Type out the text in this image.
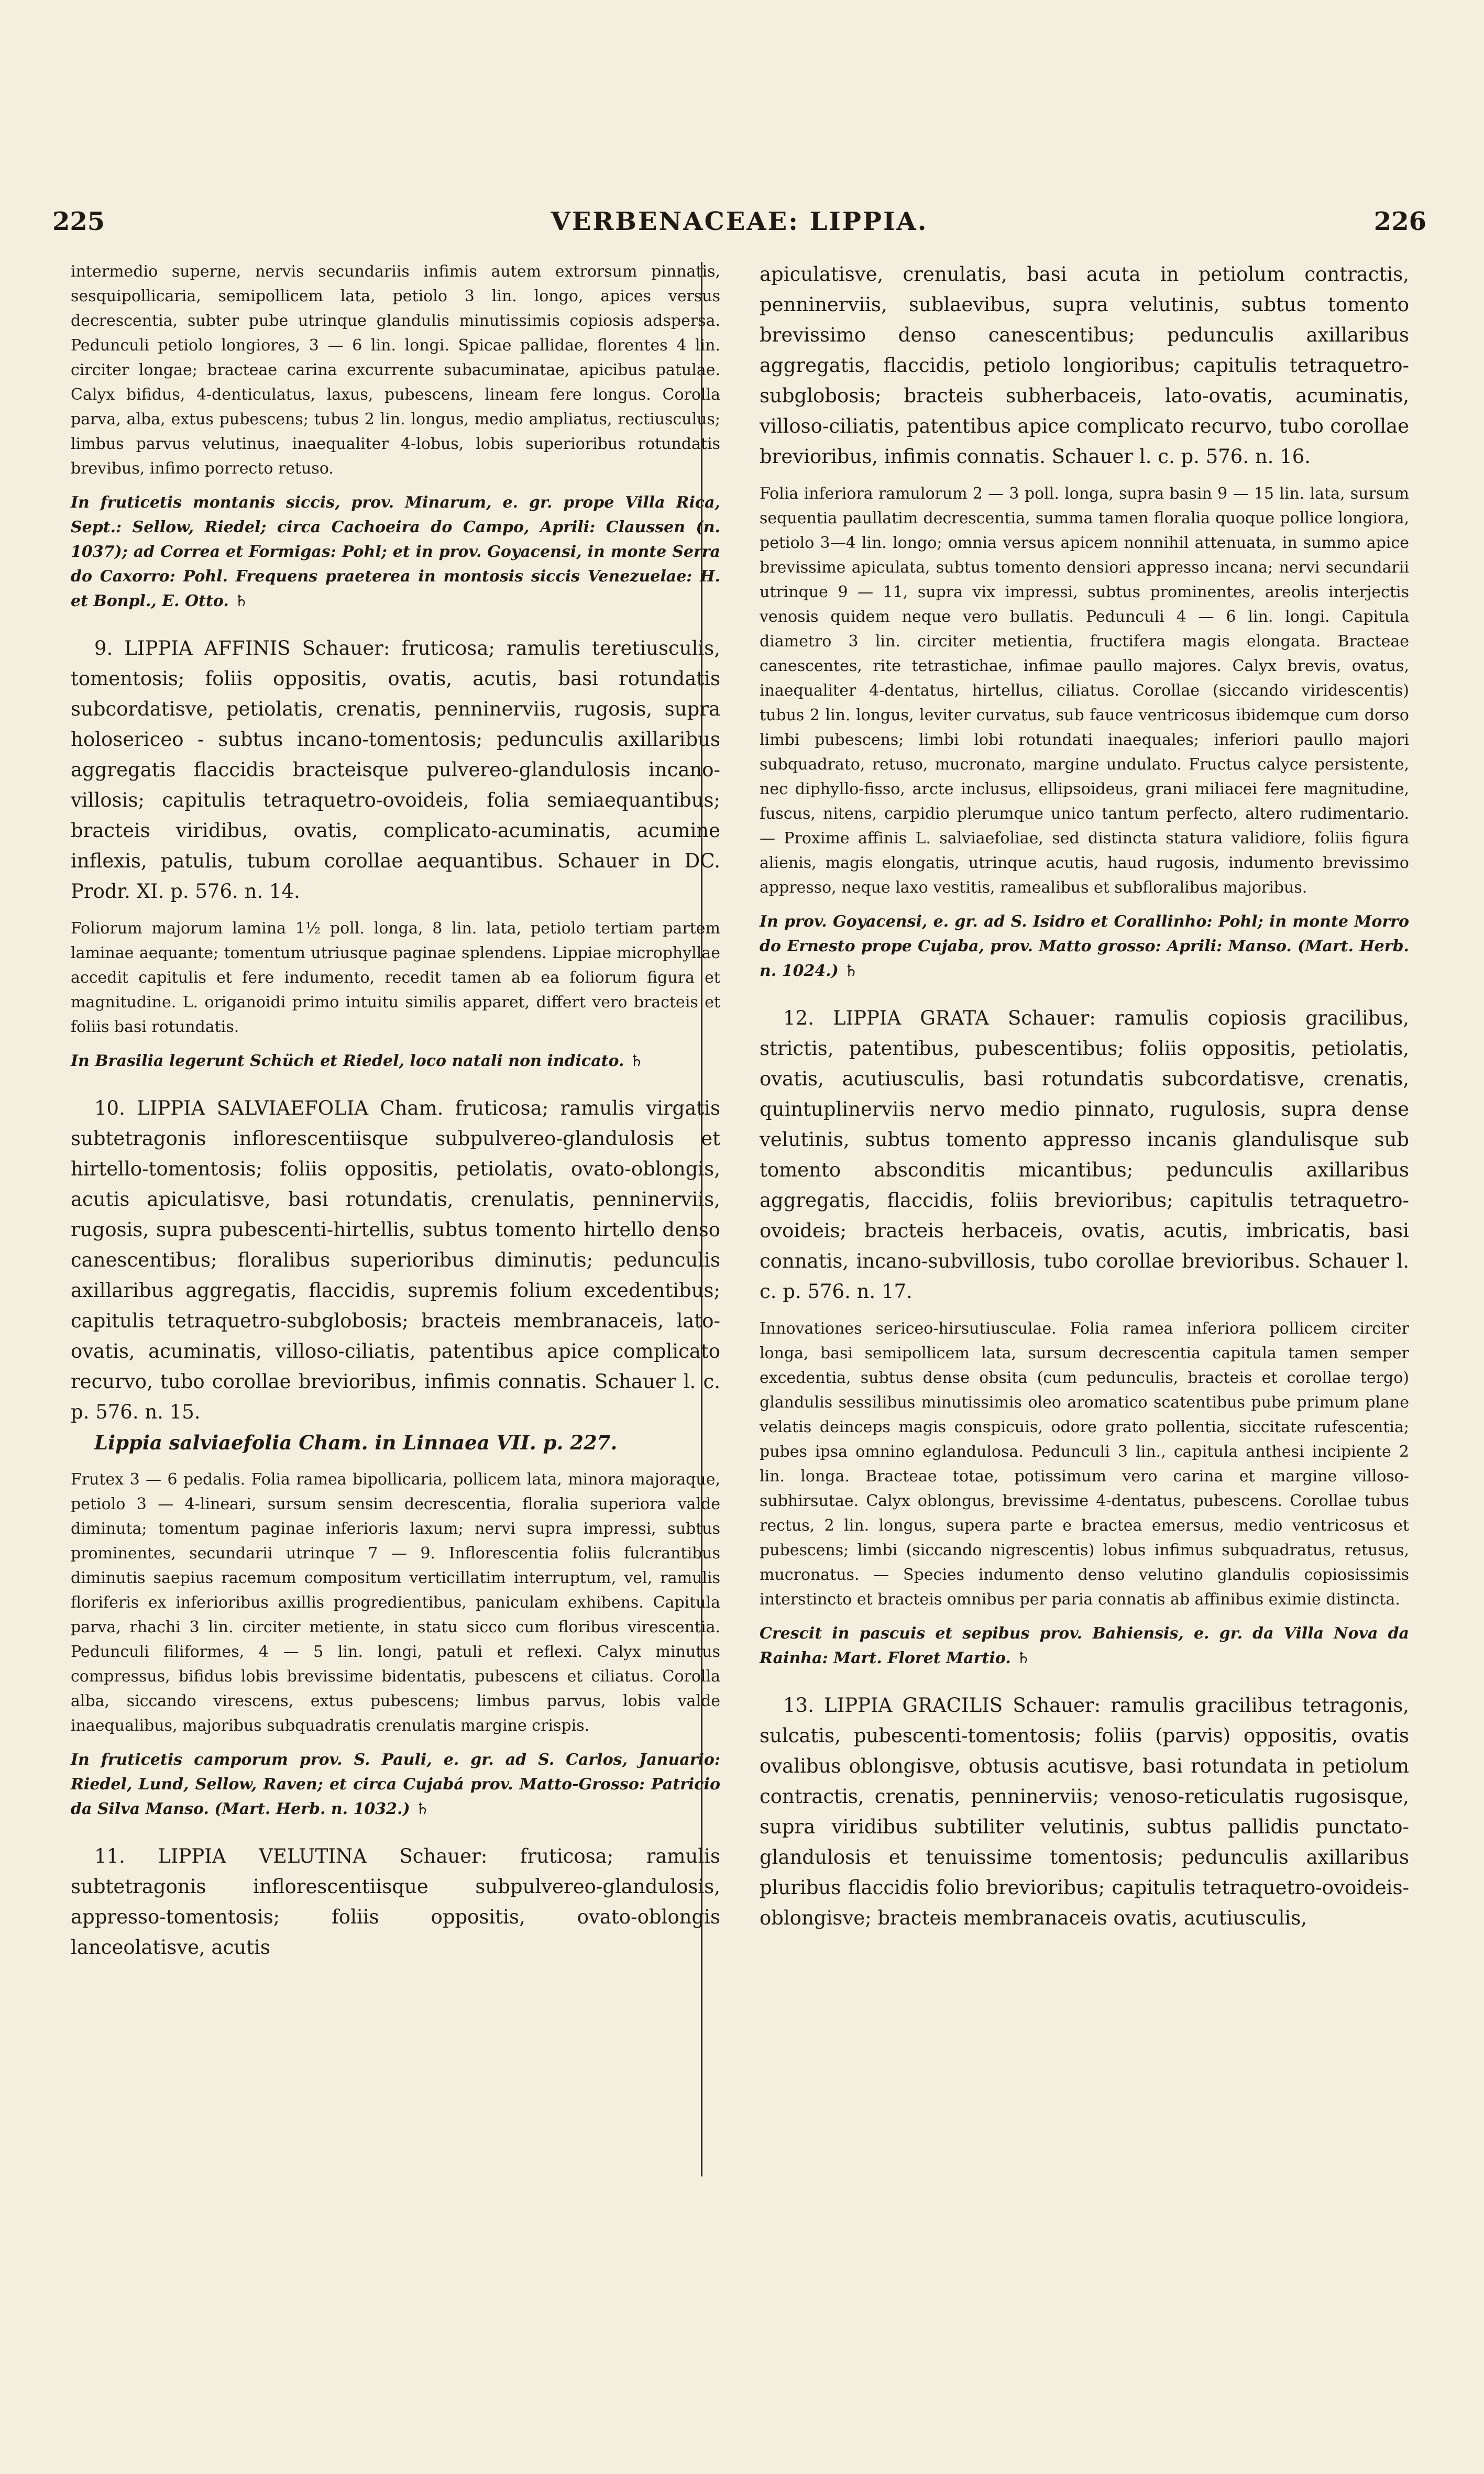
225	VERBENACEAE: LIPPIA.	226

intermedio superne, nervis secundariis infimis autem extrorsum pinnatis, sesquipollicaria, semipollicem lata, petiolo 3 lin. longo, apices versus decrescentia, subter pube utrinque glandulis minutissimis copiosis adspersa. Pedunculi petiolo longiores, 3 — 6 lin. longi. Spicae pallidae, florentes 4 lin. circiter longae; bracteae carina excurrente subacuminatae, apicibus patulae. Calyx bifidus, 4-denticulatus, laxus, pubescens, lineam fere longus. Corolla parva, alba, extus pubescens; tubus 2 lin. longus, medio ampliatus, rectiusculus; limbus parvus velutinus, inaequaliter 4-lobus, lobis superioribus rotundatis brevibus, infimo porrecto retuso.

In fruticetis montanis siccis, prov. Minarum, e. gr. prope Villa Rica, Sept.: Sellow, Riedel; circa Cachoeira do Campo, Aprili: Claussen (n. 1037); ad Correa et Formigas: Pohl; et in prov. Goyacensi, in monte Serra do Caxorro: Pohl. Frequens praeterea in montosis siccis Venezuelae: H. et Bonpl., E. Otto. ♄

9. LIPPIA AFFINIS Schauer: fruticosa; ramulis teretiusculis, tomentosis; foliis oppositis, ovatis, acutis, basi rotundatis subcordatisve, petiolatis, crenatis, penninerviis, rugosis, supra holosericeo - subtus incano-tomentosis; pedunculis axillaribus aggregatis flaccidis bracteisque pulvereo-glandulosis incano-villosis; capitulis tetraquetro-ovoideis, folia semiaequantibus; bracteis viridibus, ovatis, complicato-acuminatis, acumine inflexis, patulis, tubum corollae aequantibus. Schauer in DC. Prodr. XI. p. 576. n. 14.

Foliorum majorum lamina 1½ poll. longa, 8 lin. lata, petiolo tertiam partem laminae aequante; tomentum utriusque paginae splendens. Lippiae microphyllae accedit capitulis et fere indumento, recedit tamen ab ea foliorum figura et magnitudine. L. origanoidi primo intuitu similis apparet, differt vero bracteis et foliis basi rotundatis.

In Brasilia legerunt Schüch et Riedel, loco natali non indicato. ♄

10. LIPPIA SALVIAEFOLIA Cham. fruticosa; ramulis virgatis subtetragonis inflorescentiisque subpulvereo-glandulosis et hirtello-tomentosis; foliis oppositis, petiolatis, ovato-oblongis, acutis apiculatisve, basi rotundatis, crenulatis, penninerviis, rugosis, supra pubescenti-hirtellis, subtus tomento hirtello denso canescentibus; floralibus superioribus diminutis; pedunculis axillaribus aggregatis, flaccidis, supremis folium excedentibus; capitulis tetraquetro-subglobosis; bracteis membranaceis, lato-ovatis, acuminatis, villoso-ciliatis, patentibus apice complicato recurvo, tubo corollae brevioribus, infimis connatis. Schauer l. c. p. 576. n. 15.

Lippia salviaefolia Cham. in Linnaea VII. p. 227.

Frutex 3 — 6 pedalis. Folia ramea bipollicaria, pollicem lata, minora majoraque, petiolo 3 — 4-lineari, sursum sensim decrescentia, floralia superiora valde diminuta; tomentum paginae inferioris laxum; nervi supra impressi, subtus prominentes, secundarii utrinque 7 — 9. Inflorescentia foliis fulcrantibus diminutis saepius racemum compositum verticillatim interruptum, vel, ramulis floriferis ex inferioribus axillis progredientibus, paniculam exhibens. Capitula parva, rhachi 3 lin. circiter metiente, in statu sicco cum floribus virescentia. Pedunculi filiformes, 4 — 5 lin. longi, patuli et reflexi. Calyx minutus compressus, bifidus lobis brevissime bidentatis, pubescens et ciliatus. Corolla alba, siccando virescens, extus pubescens; limbus parvus, lobis valde inaequalibus, majoribus subquadratis crenulatis margine crispis.

In fruticetis camporum prov. S. Pauli, e. gr. ad S. Carlos, Januario: Riedel, Lund, Sellow, Raven; et circa Cujabá prov. Matto-Grosso: Patricio da Silva Manso. (Mart. Herb. n. 1032.) ♄

11. LIPPIA VELUTINA Schauer: fruticosa; ramulis subtetragonis inflorescentiisque subpulvereo-glandulosis, appresso-tomentosis; foliis oppositis, ovato-oblongis lanceolatisve, acutis

apiculatisve, crenulatis, basi acuta in petiolum contractis, penninerviis, sublaevibus, supra velutinis, subtus tomento brevissimo denso canescentibus; pedunculis axillaribus aggregatis, flaccidis, petiolo longioribus; capitulis tetraquetro-subglobosis; bracteis subherbaceis, lato-ovatis, acuminatis, villoso-ciliatis, patentibus apice complicato recurvo, tubo corollae brevioribus, infimis connatis. Schauer l. c. p. 576. n. 16.

Folia inferiora ramulorum 2 — 3 poll. longa, supra basin 9 — 15 lin. lata, sursum sequentia paullatim decrescentia, summa tamen floralia quoque pollice longiora, petiolo 3—4 lin. longo; omnia versus apicem nonnihil attenuata, in summo apice brevissime apiculata, subtus tomento densiori appresso incana; nervi secundarii utrinque 9 — 11, supra vix impressi, subtus prominentes, areolis interjectis venosis quidem neque vero bullatis. Pedunculi 4 — 6 lin. longi. Capitula diametro 3 lin. circiter metientia, fructifera magis elongata. Bracteae canescentes, rite tetrastichae, infimae paullo majores. Calyx brevis, ovatus, inaequaliter 4-dentatus, hirtellus, ciliatus. Corollae (siccando viridescentis) tubus 2 lin. longus, leviter curvatus, sub fauce ventricosus ibidemque cum dorso limbi pubescens; limbi lobi rotundati inaequales; inferiori paullo majori subquadrato, retuso, mucronato, margine undulato. Fructus calyce persistente, nec diphyllo-fisso, arcte inclusus, ellipsoideus, grani miliacei fere magnitudine, fuscus, nitens, carpidio plerumque unico tantum perfecto, altero rudimentario. — Proxime affinis L. salviaefoliae, sed distincta statura validiore, foliis figura alienis, magis elongatis, utrinque acutis, haud rugosis, indumento brevissimo appresso, neque laxo vestitis, ramealibus et subfloralibus majoribus.

In prov. Goyacensi, e. gr. ad S. Isidro et Corallinho: Pohl; in monte Morro do Ernesto prope Cujaba, prov. Matto grosso: Aprili: Manso. (Mart. Herb. n. 1024.) ♄

12. LIPPIA GRATA Schauer: ramulis copiosis gracilibus, strictis, patentibus, pubescentibus; foliis oppositis, petiolatis, ovatis, acutiusculis, basi rotundatis subcordatisve, crenatis, quintuplinerviis nervo medio pinnato, rugulosis, supra dense velutinis, subtus tomento appresso incanis glandulisque sub tomento absconditis micantibus; pedunculis axillaribus aggregatis, flaccidis, foliis brevioribus; capitulis tetraquetro-ovoideis; bracteis herbaceis, ovatis, acutis, imbricatis, basi connatis, incano-subvillosis, tubo corollae brevioribus. Schauer l. c. p. 576. n. 17.

Innovationes sericeo-hirsutiusculae. Folia ramea inferiora pollicem circiter longa, basi semipollicem lata, sursum decrescentia capitula tamen semper excedentia, subtus dense obsita (cum pedunculis, bracteis et corollae tergo) glandulis sessilibus minutissimis oleo aromatico scatentibus pube primum plane velatis deinceps magis conspicuis, odore grato pollentia, siccitate rufescentia; pubes ipsa omnino eglandulosa. Pedunculi 3 lin., capitula anthesi incipiente 2 lin. longa. Bracteae totae, potissimum vero carina et margine villoso-subhirsutae. Calyx oblongus, brevissime 4-dentatus, pubescens. Corollae tubus rectus, 2 lin. longus, supera parte e bractea emersus, medio ventricosus et pubescens; limbi (siccando nigrescentis) lobus infimus subquadratus, retusus, mucronatus. — Species indumento denso velutino glandulis copiosissimis interstincto et bracteis omnibus per paria connatis ab affinibus eximie distincta.

Crescit in pascuis et sepibus prov. Bahiensis, e. gr. da Villa Nova da Rainha: Mart. Floret Martio. ♄

13. LIPPIA GRACILIS Schauer: ramulis gracilibus tetragonis, sulcatis, pubescenti-tomentosis; foliis (parvis) oppositis, ovatis ovalibus oblongisve, obtusis acutisve, basi rotundata in petiolum contractis, crenatis, penninerviis; venoso-reticulatis rugosisque, supra viridibus subtiliter velutinis, subtus pallidis punctato-glandulosis et tenuissime tomentosis; pedunculis axillaribus pluribus flaccidis folio brevioribus; capitulis tetraquetro-ovoideis-oblongisve; bracteis membranaceis ovatis, acutiusculis,
